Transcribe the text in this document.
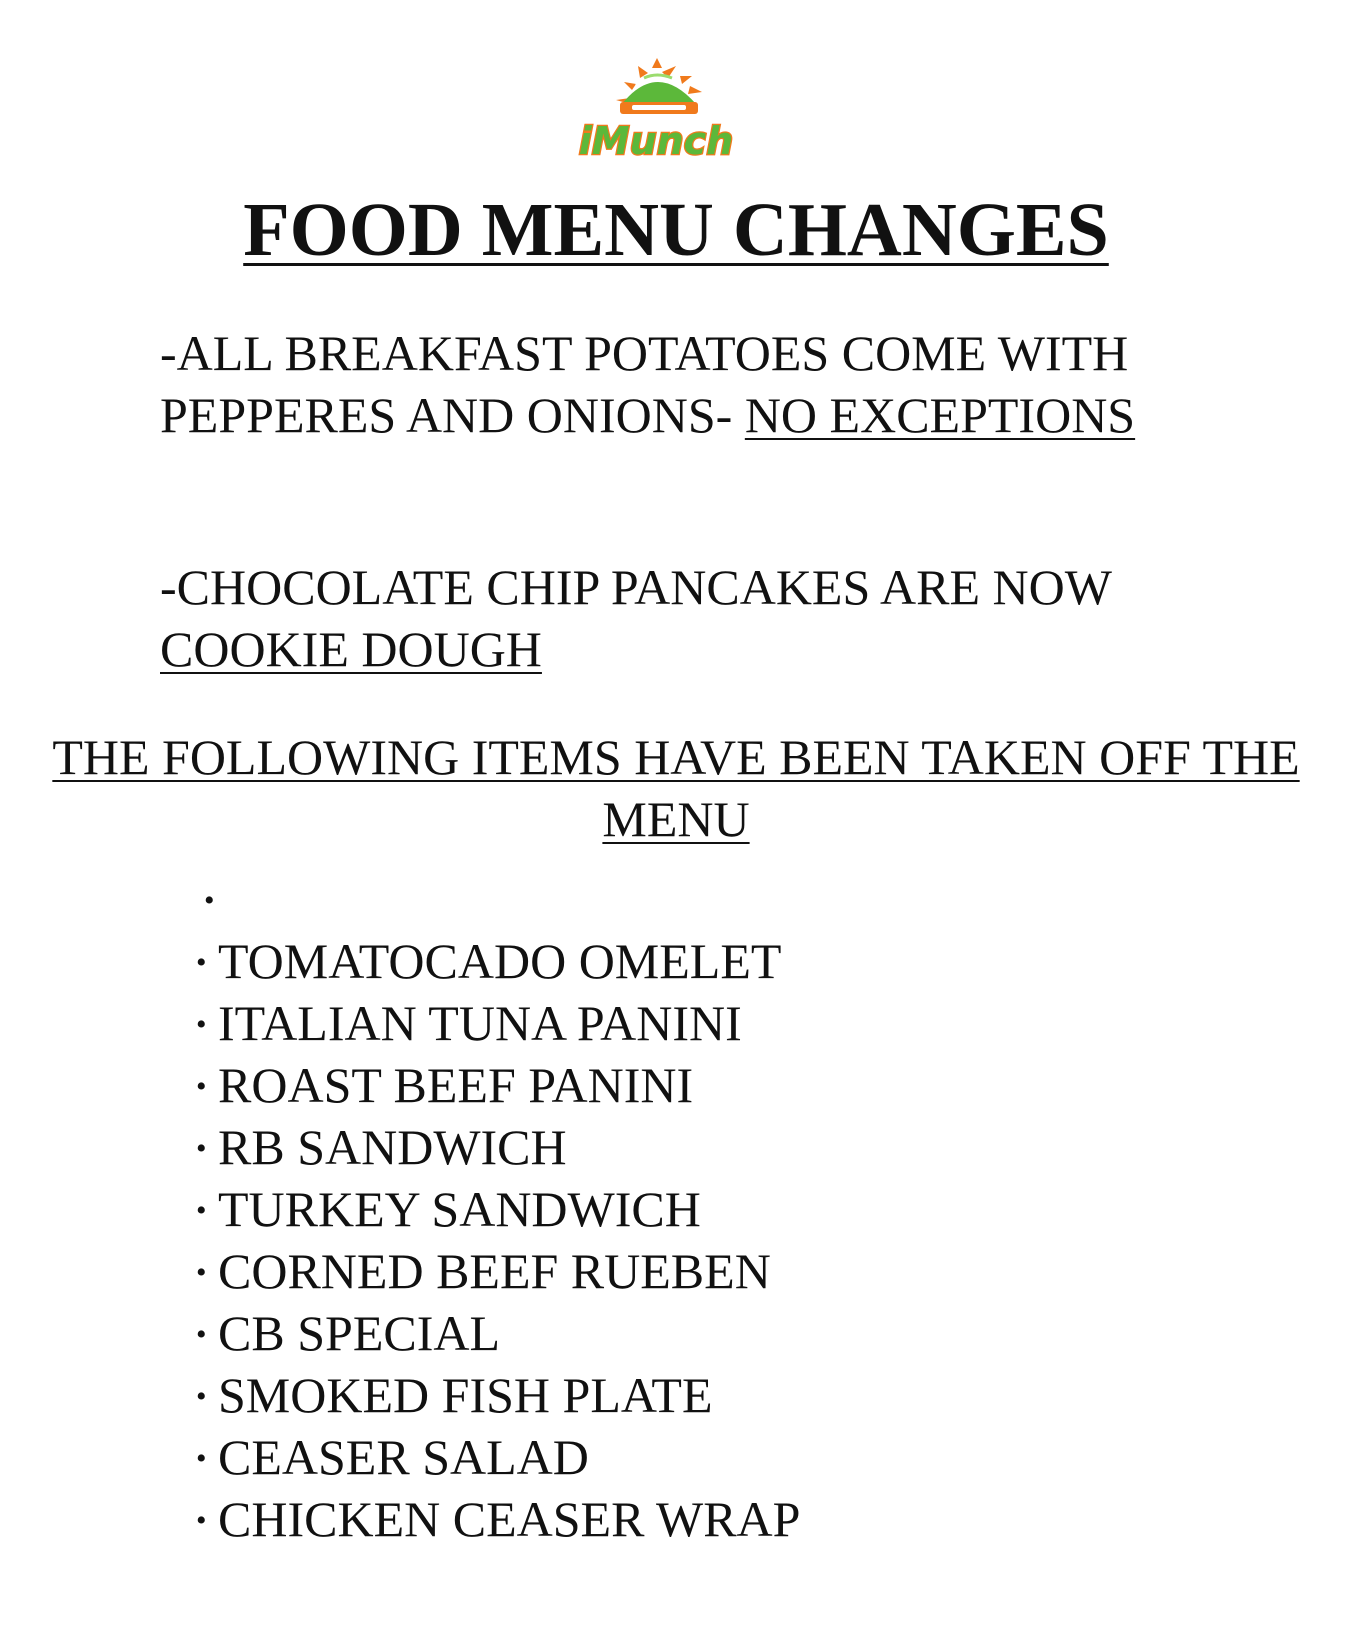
iMunch
FOOD MENU CHANGES
-ALL BREAKFAST POTATOES COME WITH PEPPERES AND ONIONS- NO EXCEPTIONS
-CHOCOLATE CHIP PANCAKES ARE NOW COOKIE DOUGH
THE FOLLOWING ITEMS HAVE BEEN TAKEN OFF THE MENU
•
• TOMATOCADO OMELET
• ITALIAN TUNA PANINI
• ROAST BEEF PANINI
• RB SANDWICH
• TURKEY SANDWICH
• CORNED BEEF RUEBEN
• CB SPECIAL
• SMOKED FISH PLATE
• CEASER SALAD
• CHICKEN CEASER WRAP
